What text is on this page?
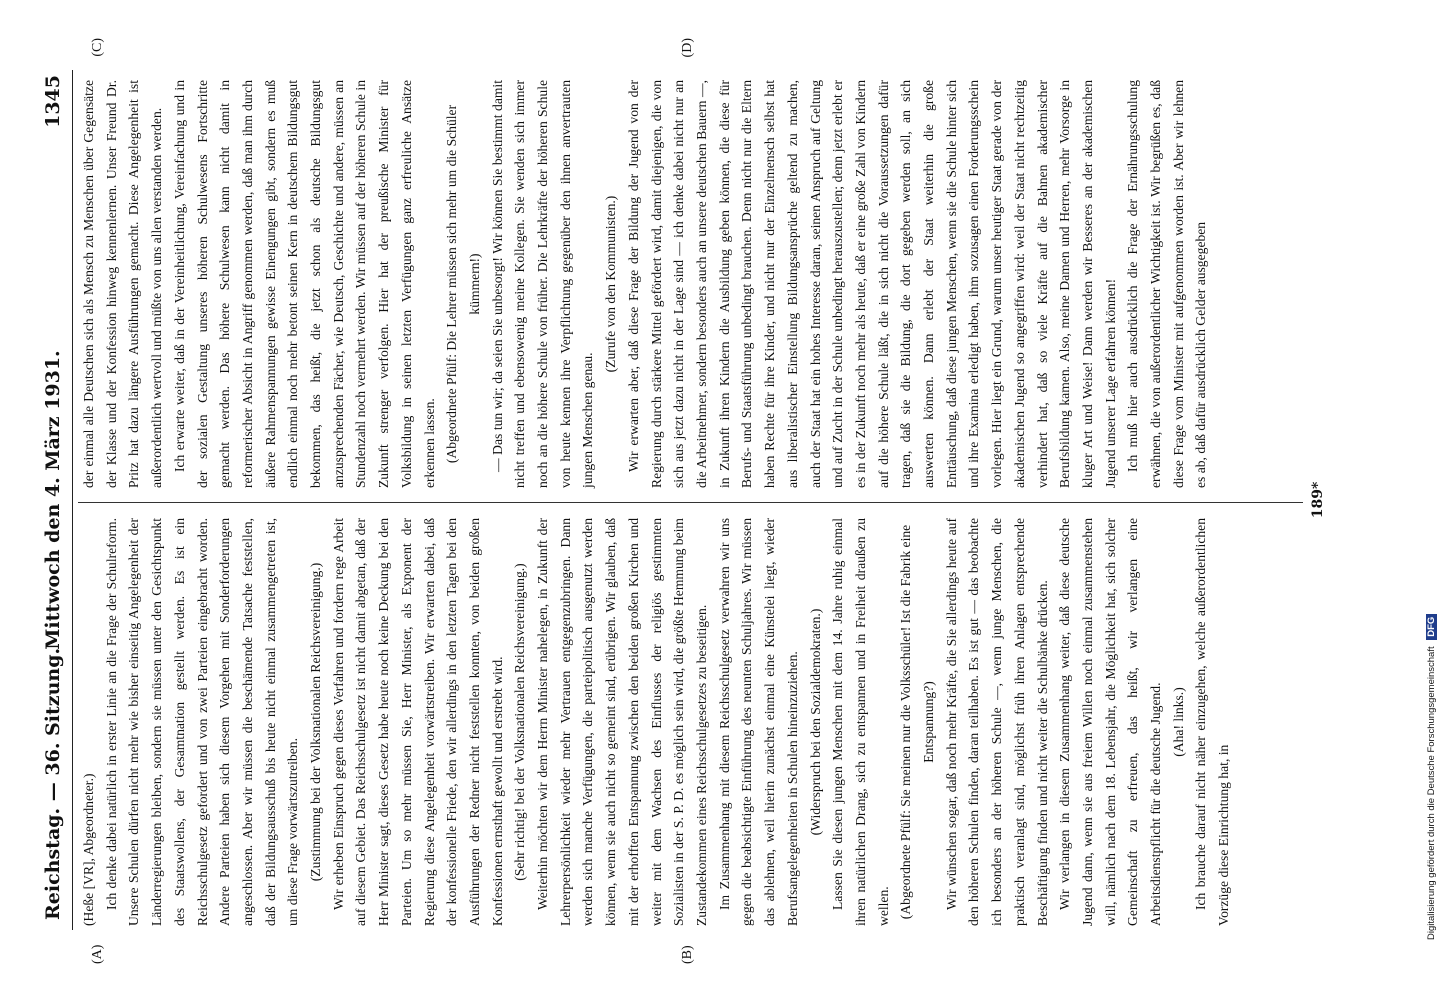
Reichstag. — 36. Sitzung.
Mittwoch den 4. März 1931.
1345
(A)	(B)
(C)	(D)

(Heße [VR], Abgeordneter.) Ich denke dabei natürlich in erster Linie an die Frage der Schulreform. Unsere Schulen dürfen nicht mehr wie bisher einseitig Angelegenheit der Länderregierungen bleiben, sondern sie müssen unter den Gesichtspunkt des Staatswollens, der Gesamtnation gestellt werden. Es ist ein Reichsschulgesetz gefordert und von zwei Parteien eingebracht worden. Andere Parteien haben sich diesem Vorgehen mit Sonderforderungen angeschlossen. Aber wir müssen die beschämende Tatsache feststellen, daß der Bildungsausschuß bis heute nicht einmal zusammengetreten ist, um diese Frage vorwärtszutreiben. (Zustimmung bei der Volksnationalen Reichsvereinigung.) Wir erheben Einspruch gegen dieses Verfahren und fordern rege Arbeit auf diesem Gebiet. Das Reichsschulgesetz ist nicht damit abgetan, daß der Herr Minister sagt, dieses Gesetz habe heute noch keine Deckung bei den Parteien. Um so mehr müssen Sie, Herr Minister, als Exponent der Regierung diese Angelegenheit vorwärtstreiben. Wir erwarten dabei, daß der konfessionelle Friede, den wir allerdings in den letzten Tagen bei den Ausführungen der Redner nicht feststellen konnten, von beiden großen Konfessionen ernsthaft gewollt und erstrebt wird. (Sehr richtig! bei der Volksnationalen Reichsvereinigung.) Weiterhin möchten wir dem Herrn Minister nahelegen, in Zukunft der Lehrerpersönlichkeit wieder mehr Vertrauen entgegenzubringen. Dann werden sich manche Verfügungen, die parteipolitisch ausgenutzt werden können, wenn sie auch nicht so gemeint sind, erübrigen. Wir glauben, daß mit der erhofften Entspannung zwischen den beiden großen Kirchen und weiter mit dem Wachsen des Einflusses der religiös gestimmten Sozialisten in der S. P. D. es möglich sein wird, die größte Hemmung beim Zustandekommen eines Reichsschulgesetzes zu beseitigen. Im Zusammenhang mit diesem Reichsschulgesetz verwahren wir uns gegen die beabsichtigte Einführung des neunten Schuljahres. Wir müssen das ablehnen, weil hierin zunächst einmal eine Künstelei liegt, wieder Berufsangelegenheiten in Schulen hineinzuziehen. (Widerspruch bei den Sozialdemokraten.) Lassen Sie diesen jungen Menschen mit dem 14. Jahre ruhig einmal ihren natürlichen Drang, sich zu entspannen und in Freiheit draußen zu wellen. (Abgeordnete Pfülf: Sie meinen nur die Volksschüler! Ist die Fabrik eine Entspannung?) Wir wünschen sogar, daß noch mehr Kräfte, die Sie allerdings heute auf den höheren Schulen finden, daran teilhaben. Es ist gut — das beobachte ich besonders an der höheren Schule —, wenn junge Menschen, die praktisch veranlagt sind, möglichst früh ihren Anlagen entsprechende Beschäftigung finden und nicht weiter die Schulbänke drücken. Wir verlangen in diesem Zusammenhang weiter, daß diese deutsche Jugend dann, wenn sie aus freiem Willen noch einmal zusammenstehen will, nämlich nach dem 18. Lebensjahr, die Möglichkeit hat, sich solcher Gemeinschaft zu erfreuen, das heißt, wir verlangen eine Arbeitsdienstpflicht für die deutsche Jugend. (Aha! links.) Ich brauche darauf nicht näher einzugehen, welche außerordentlichen Vorzüge diese Einrichtung hat, in

der einmal alle Deutschen sich als Mensch zu Menschen über Gegensätze der Klasse und der Konfession hinweg kennenlernen. Unser Freund Dr. Pritz hat dazu längere Ausführungen gemacht. Diese Angelegenheit ist außerordentlich wertvoll und müßte von uns allen verstanden werden. Ich erwarte weiter, daß in der Vereinheitlichung, Vereinfachung und in der sozialen Gestaltung unseres höheren Schulwesens Fortschritte gemacht werden. Das höhere Schulwesen kann nicht damit in reformerischer Absicht in Angriff genommen werden, daß man ihm durch äußere Rahmenspannungen gewisse Einengungen gibt, sondern es muß endlich einmal noch mehr betont seinen Kern in deutschem Bildungsgut bekommen, das heißt, die jetzt schon als deutsche Bildungsgut anzusprechenden Fächer, wie Deutsch, Geschichte und andere, müssen an Stundenzahl noch vermehrt werden. Wir müssen auf der höheren Schule in Zukunft strenger verfolgen. Hier hat der preußische Minister für Volksbildung in seinen letzten Verfügungen ganz erfreuliche Ansätze erkennen lassen. (Abgeordnete Pfülf: Die Lehrer müssen sich mehr um die Schüler kümmern!) — Das tun wir; da seien Sie unbesorgt! Wir können Sie bestimmt damit nicht treffen und ebensowenig meine Kollegen. Sie wenden sich immer noch an die höhere Schule von früher. Die Lehrkräfte der höheren Schule von heute kennen ihre Verpflichtung gegenüber den ihnen anvertrauten jungen Menschen genau.

(Zurufe von den Kommunisten.) Wir erwarten aber, daß diese Frage der Bildung der Jugend von der Regierung durch stärkere Mittel gefördert wird, damit diejenigen, die von sich aus jetzt dazu nicht in der Lage sind — ich denke dabei nicht nur an die Arbeitnehmer, sondern besonders auch an unsere deutschen Bauern —, in Zukunft ihren Kindern die Ausbildung geben können, die diese für Berufs- und Staatsführung unbedingt brauchen. Denn nicht nur die Eltern haben Rechte für ihre Kinder, und nicht nur der Einzelmensch selbst hat aus liberalistischer Einstellung Bildungsansprüche geltend zu machen, auch der Staat hat ein hohes Interesse daran, seinen Anspruch auf Geltung und auf Zucht in der Schule unbedingt herauszustellen; denn jetzt erlebt er es in der Zukunft noch mehr als heute, daß er eine große Zahl von Kindern auf die höhere Schule läßt, die in sich nicht die Voraussetzungen dafür tragen, daß sie die Bildung, die dort gegeben werden soll, an sich auswerten können. Dann erlebt der Staat weiterhin die große Enttäuschung, daß diese jungen Menschen, wenn sie die Schule hinter sich und ihre Examina erledigt haben, ihm sozusagen einen Forderungsschein vorlegen. Hier liegt ein Grund, warum unser heutiger Staat gerade von der akademischen Jugend so angegriffen wird: weil der Staat nicht rechtzeitig verhindert hat, daß so viele Kräfte auf die Bahnen akademischer Berufsbildung kamen. Also, meine Damen und Herren, mehr Vorsorge in kluger Art und Weise! Dann werden wir Besseres an der akademischen Jugend unserer Lage erfahren können! Ich muß hier auch ausdrücklich die Frage der Ernährungsschulung erwähnen, die von außerordentlicher Wichtigkeit ist. Wir begrüßen es, daß diese Frage vom Minister mit aufgenommen worden ist. Aber wir lehnen es ab, daß dafür ausdrücklich Gelder ausgegeben

189*
Digitalisierung gefördert durch die Deutsche Forschungsgemeinschaft DFG
